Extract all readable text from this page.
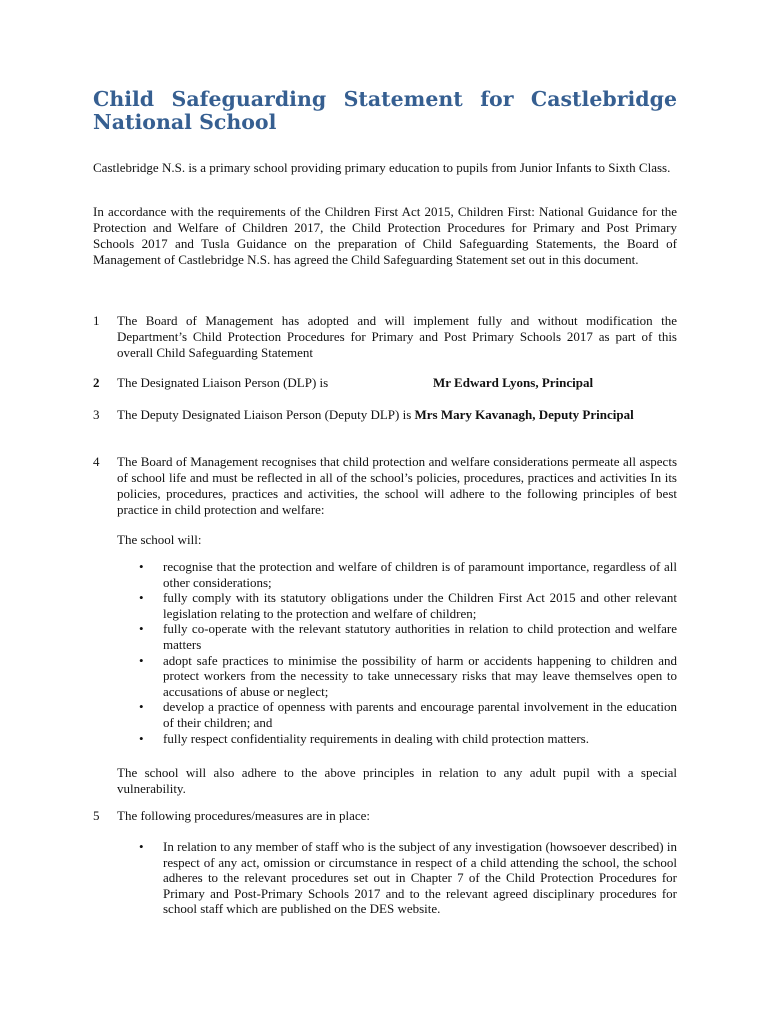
Child Safeguarding Statement for Castlebridge National School

Castlebridge N.S. is a primary school providing primary education to pupils from Junior Infants to Sixth Class.

In accordance with the requirements of the Children First Act 2015, Children First: National Guidance for the Protection and Welfare of Children 2017, the Child Protection Procedures for Primary and Post Primary Schools 2017 and Tusla Guidance on the preparation of Child Safeguarding Statements, the Board of Management of Castlebridge N.S. has agreed the Child Safeguarding Statement set out in this document.

1	The Board of Management has adopted and will implement fully and without modification the Department’s Child Protection Procedures for Primary and Post Primary Schools 2017 as part of this overall Child Safeguarding Statement
2	The Designated Liaison Person (DLP) is	Mr Edward Lyons, Principal
3	The Deputy Designated Liaison Person (Deputy DLP) is Mrs Mary Kavanagh, Deputy Principal
4	The Board of Management recognises that child protection and welfare considerations permeate all aspects of school life and must be reflected in all of the school’s policies, procedures, practices and activities In its policies, procedures, practices and activities, the school will adhere to the following principles of best practice in child protection and welfare:
The school will:
• recognise that the protection and welfare of children is of paramount importance, regardless of all other considerations;
• fully comply with its statutory obligations under the Children First Act 2015 and other relevant legislation relating to the protection and welfare of children;
• fully co-operate with the relevant statutory authorities in relation to child protection and welfare matters
• adopt safe practices to minimise the possibility of harm or accidents happening to children and protect workers from the necessity to take unnecessary risks that may leave themselves open to accusations of abuse or neglect;
• develop a practice of openness with parents and encourage parental involvement in the education of their children; and
• fully respect confidentiality requirements in dealing with child protection matters.
The school will also adhere to the above principles in relation to any adult pupil with a special vulnerability.
5	The following procedures/measures are in place:
• In relation to any member of staff who is the subject of any investigation (howsoever described) in respect of any act, omission or circumstance in respect of a child attending the school, the school adheres to the relevant procedures set out in Chapter 7 of the Child Protection Procedures for Primary and Post-Primary Schools 2017 and to the relevant agreed disciplinary procedures for school staff which are published on the DES website.
